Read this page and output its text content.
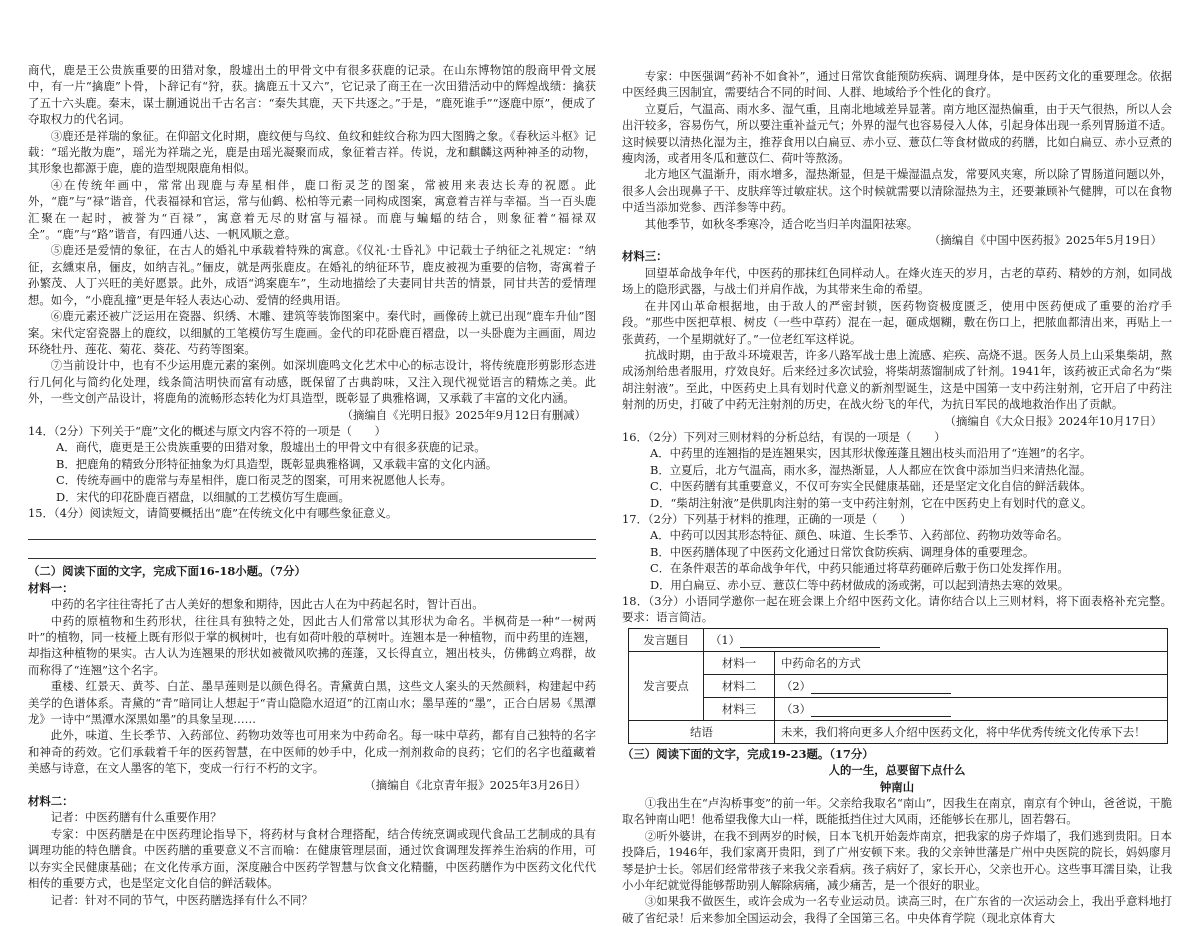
商代，鹿是王公贵族重要的田猎对象，殷墟出土的甲骨文中有很多获鹿的记录。在山东博物馆的殷商甲骨文展中，有一片“擒鹿”卜骨，卜辞记有“狩，获。擒鹿五十又六”，它记录了商王在一次田猎活动中的辉煌战绩：擒获了五十六头鹿。秦末，谋士蒯通说出千古名言：“秦失其鹿，天下共逐之。”于是，“鹿死谁手”“逐鹿中原”，便成了夺取权力的代名词。

③鹿还是祥瑞的象征。在仰韶文化时期，鹿纹便与鸟纹、鱼纹和蛙纹合称为四大图腾之象。《春秋运斗枢》记载：“瑶光散为鹿”，瑶光为祥瑞之光，鹿是由瑶光凝聚而成，象征着吉祥。传说，龙和麒麟这两种神圣的动物，其形象也都源于鹿，鹿的造型规限鹿角相似。

④在传统年画中，常常出现鹿与寿星相伴，鹿口衔灵芝的图案，常被用来表达长寿的祝愿。此外，“鹿”与“禄”谐音，代表福禄和官运，常与仙鹤、松柏等元素一同构成图案，寓意着吉祥与幸福。当一百头鹿汇聚在一起时，被誉为“百禄”，寓意着无尽的财富与福禄。而鹿与蝙蝠的结合，则象征着“福禄双全”。“鹿”与“路”谐音，有四通八达、一帆风顺之意。

⑤鹿还是爱情的象征，在古人的婚礼中承载着特殊的寓意。《仪礼·士昏礼》中记载士子纳征之礼规定：“纳征，玄纁束帛，俪皮，如纳吉礼。”俪皮，就是两张鹿皮。在婚礼的纳征环节，鹿皮被视为重要的信物，寄寓着子孙繁茂、人丁兴旺的美好愿景。此外，成语“鸿案鹿车”，生动地描绘了夫妻同甘共苦的情景，同甘共苦的爱情理想。如今，“小鹿乱撞”更是年轻人表达心动、爱情的经典用语。

⑥鹿元素还被广泛运用在瓷器、织绣、木雕、建筑等装饰图案中。秦代时，画像砖上就已出现“鹿车升仙”图案。宋代定窑瓷器上的鹿纹，以细腻的工笔模仿写生鹿画。金代的印花卧鹿百褶盘，以一头卧鹿为主画面，周边环绕牡丹、莲花、菊花、葵花、芍药等图案。

⑦当前设计中，也有不少运用鹿元素的案例。如深圳鹿鸣文化艺术中心的标志设计，将传统鹿形剪影形态进行几何化与简约化处理，线条简洁明快而富有动感，既保留了古典韵味，又注入现代视觉语言的精炼之美。此外，一些文创产品设计，将鹿角的流畅形态转化为灯具造型，既彰显了典雅格调，又承载了丰富的文化内涵。

（摘编自《光明日报》2025年9月12日有删减）

14．（2分）下列关于“鹿”文化的概述与原文内容不符的一项是（　　）

A．商代，鹿更是王公贵族重要的田猎对象，殷墟出土的甲骨文中有很多获鹿的记录。

B．把鹿角的精致分形特征抽象为灯具造型，既彰显典雅格调，又承载丰富的文化内涵。

C．传统寿画中的鹿常与寿星相伴，鹿口衔灵芝的图案，可用来祝愿他人长寿。

D．宋代的印花卧鹿百褶盘，以细腻的工艺模仿写生鹿画。

15．（4分）阅读短文，请简要概括出“鹿”在传统文化中有哪些象征意义。

（二）阅读下面的文字，完成下面16-18小题。（7分）

材料一：

中药的名字往往寄托了古人美好的想象和期待，因此古人在为中药起名时，智计百出。

中药的原植物和生药形状，往往具有独特之处，因此古人们常常以其形状为命名。半枫荷是一种“一树两叶”的植物，同一枝桠上既有形似于掌的枫树叶，也有如荷叶般的草树叶。连翘本是一种植物，而中药里的连翘，却指这种植物的果实。古人认为连翘果的形状如被微风吹拂的莲蓬，又长得直立，翘出枝头，仿佛鹤立鸡群，故而称得了“连翘”这个名字。

重楼、红景天、黄芩、白芷、墨旱莲则是以颜色得名。青黛黄白黑，这些文人案头的天然颜料，构建起中药美学的色谱体系。青黛的“青”暗同让人想起于“青山隐隐水迢迢”的江南山水；墨旱莲的“墨”，正合白居易《黑潭龙》一诗中“黑潭水深黑如墨”的具象呈现……

此外，味道、生长季节、入药部位、药物功效等也可用来为中药命名。每一味中草药，都有自己独特的名字和神奇的药效。它们承载着千年的医药智慧，在中医师的妙手中，化成一剂剂救命的良药；它们的名字也蕴藏着美感与诗意，在文人墨客的笔下，变成一行行不朽的文字。

（摘编自《北京青年报》2025年3月26日）

材料二：

记者：中医药膳有什么重要作用？

专家：中医药膳是在中医药理论指导下，将药材与食材合理搭配，结合传统烹调或现代食品工艺制成的具有调理功能的特色膳食。中医药膳的重要意义不言而喻：在健康管理层面，通过饮食调理发挥养生治病的作用，可以夯实全民健康基础；在文化传承方面，深度融合中医药学智慧与饮食文化精髓，中医药膳作为中医药文化代代相传的重要方式，也是坚定文化自信的鲜活载体。

记者：针对不同的节气，中医药膳选择有什么不同？

专家：中医强调“药补不如食补”，通过日常饮食能预防疾病、调理身体，是中医药文化的重要理念。依据中医经典三因制宜，需要结合不同的时间、人群、地域给予个性化的食疗。

立夏后，气温高、雨水多、湿气重，且南北地域差异显著。南方地区湿热偏重，由于天气很热，所以人会出汗较多，容易伤气，所以要注重补益元气；外界的湿气也容易侵入人体，引起身体出现一系列胃肠道不适。这时候要以清热化湿为主，推荐食用以白扁豆、赤小豆、薏苡仁等食材做成的药膳，比如白扁豆、赤小豆煮的瘦肉汤，或者用冬瓜和薏苡仁、荷叶等熬汤。

北方地区气温渐升，雨水增多，湿热渐显，但是干燥湿温点发，常要风夹寒，所以除了胃肠道问题以外，很多人会出现鼻子干、皮肤痒等过敏症状。这个时候就需要以清除湿热为主，还要兼顾补气健脾，可以在食物中适当添加党参、西洋参等中药。

其他季节，如秋冬季寒冷，适合吃当归羊肉温阳祛寒。

（摘编自《中国中医药报》2025年5月19日）

材料三：

回望革命战争年代，中医药的那抹红色同样动人。在烽火连天的岁月，古老的草药、精妙的方剂，如同战场上的隐形武器，与战士们并肩作战，为其带来生命的希望。

在井冈山革命根据地，由于敌人的严密封锁，医药物资极度匮乏，使用中医药便成了重要的治疗手段。“那些中医把草根、树皮（一些中草药）混在一起，砸成烟糊，敷在伤口上，把脓血都清出来，再贴上一张黄药，一个星期就好了。”一位老红军这样说。

抗战时期，由于敌斗环境艰苦，许多八路军战士患上流感、疟疾、高烧不退。医务人员上山采集柴胡，熬成汤剂给患者服用，疗效良好。后来经过多次试验，将柴胡蒸馏制成了针剂。1941年，该药被正式命名为“柴胡注射液”。至此，中医药史上具有划时代意义的新剂型诞生，这是中国第一支中药注射剂，它开启了中药注射剂的历史，打破了中药无注射剂的历史，在战火纷飞的年代，为抗日军民的战地救治作出了贡献。

（摘编自《大众日报》2024年10月17日）

16．（2分）下列对三则材料的分析总结，有误的一项是（　　）

A．中药里的连翘指的是连翘果实，因其形状像莲蓬且翘出枝头而沿用了“连翘”的名字。

B．立夏后，北方气温高，雨水多，湿热渐显，人人都应在饮食中添加当归来清热化湿。

C．中医药膳有其重要意义，不仅可夯实全民健康基础，还是坚定文化自信的鲜活载体。

D．“柴胡注射液”是供肌肉注射的第一支中药注射剂，它在中医药史上有划时代的意义。

17．（2分）下列基于材料的推理，正确的一项是（　　）

A．中药可以因其形态特征、颜色、味道、生长季节、入药部位、药物功效等命名。

B．中医药膳体现了中医药文化通过日常饮食防疾病、调理身体的重要理念。

C．在条件艰苦的革命战争年代，中药只能通过将草药砸碎后敷于伤口处发挥作用。

D．用白扁豆、赤小豆、薏苡仁等中药材做成的汤或粥，可以起到清热去寒的效果。

18．（3分）小语同学邀你一起在班会课上介绍中医药文化。请你结合以上三则材料，将下面表格补充完整。要求：语言简洁。

发言题目	（1）	
发言要点	材料一	中药命名的方式
	材料二	（2）
	材料三	（3）
结语		未来，我们将向更多人介绍中医药文化，将中华优秀传统文化传承下去！

（三）阅读下面的文字，完成19-23题。（17分）

人的一生，总要留下点什么

钟南山

①我出生在“卢沟桥事变”的前一年。父亲给我取名“南山”，因我生在南京，南京有个钟山，爸爸说，干脆取名钟南山吧！他希望我像大山一样，既能抵挡住过大风雨，还能够长在那儿，固若磐石。

②听外婆讲，在我不到两岁的时候，日本飞机开始轰炸南京，把我家的房子炸塌了，我们逃到贵阳。日本投降后，1946年，我们家离开贵阳，到了广州安顿下来。我的父亲钟世藩是广州中央医院的院长，妈妈廖月琴是护士长。邻居们经常带孩子来我父亲看病。孩子病好了，家长开心，父亲也开心。这些事耳濡目染，让我小小年纪就觉得能够帮助别人解除病痛，减少痛苦，是一个很好的职业。

③如果我不做医生，或许会成为一名专业运动员。读高三时，在广东省的一次运动会上，我出乎意料地打破了省纪录！后来参加全国运动会，我得了全国第三名。中央体育学院（现北京体育大
